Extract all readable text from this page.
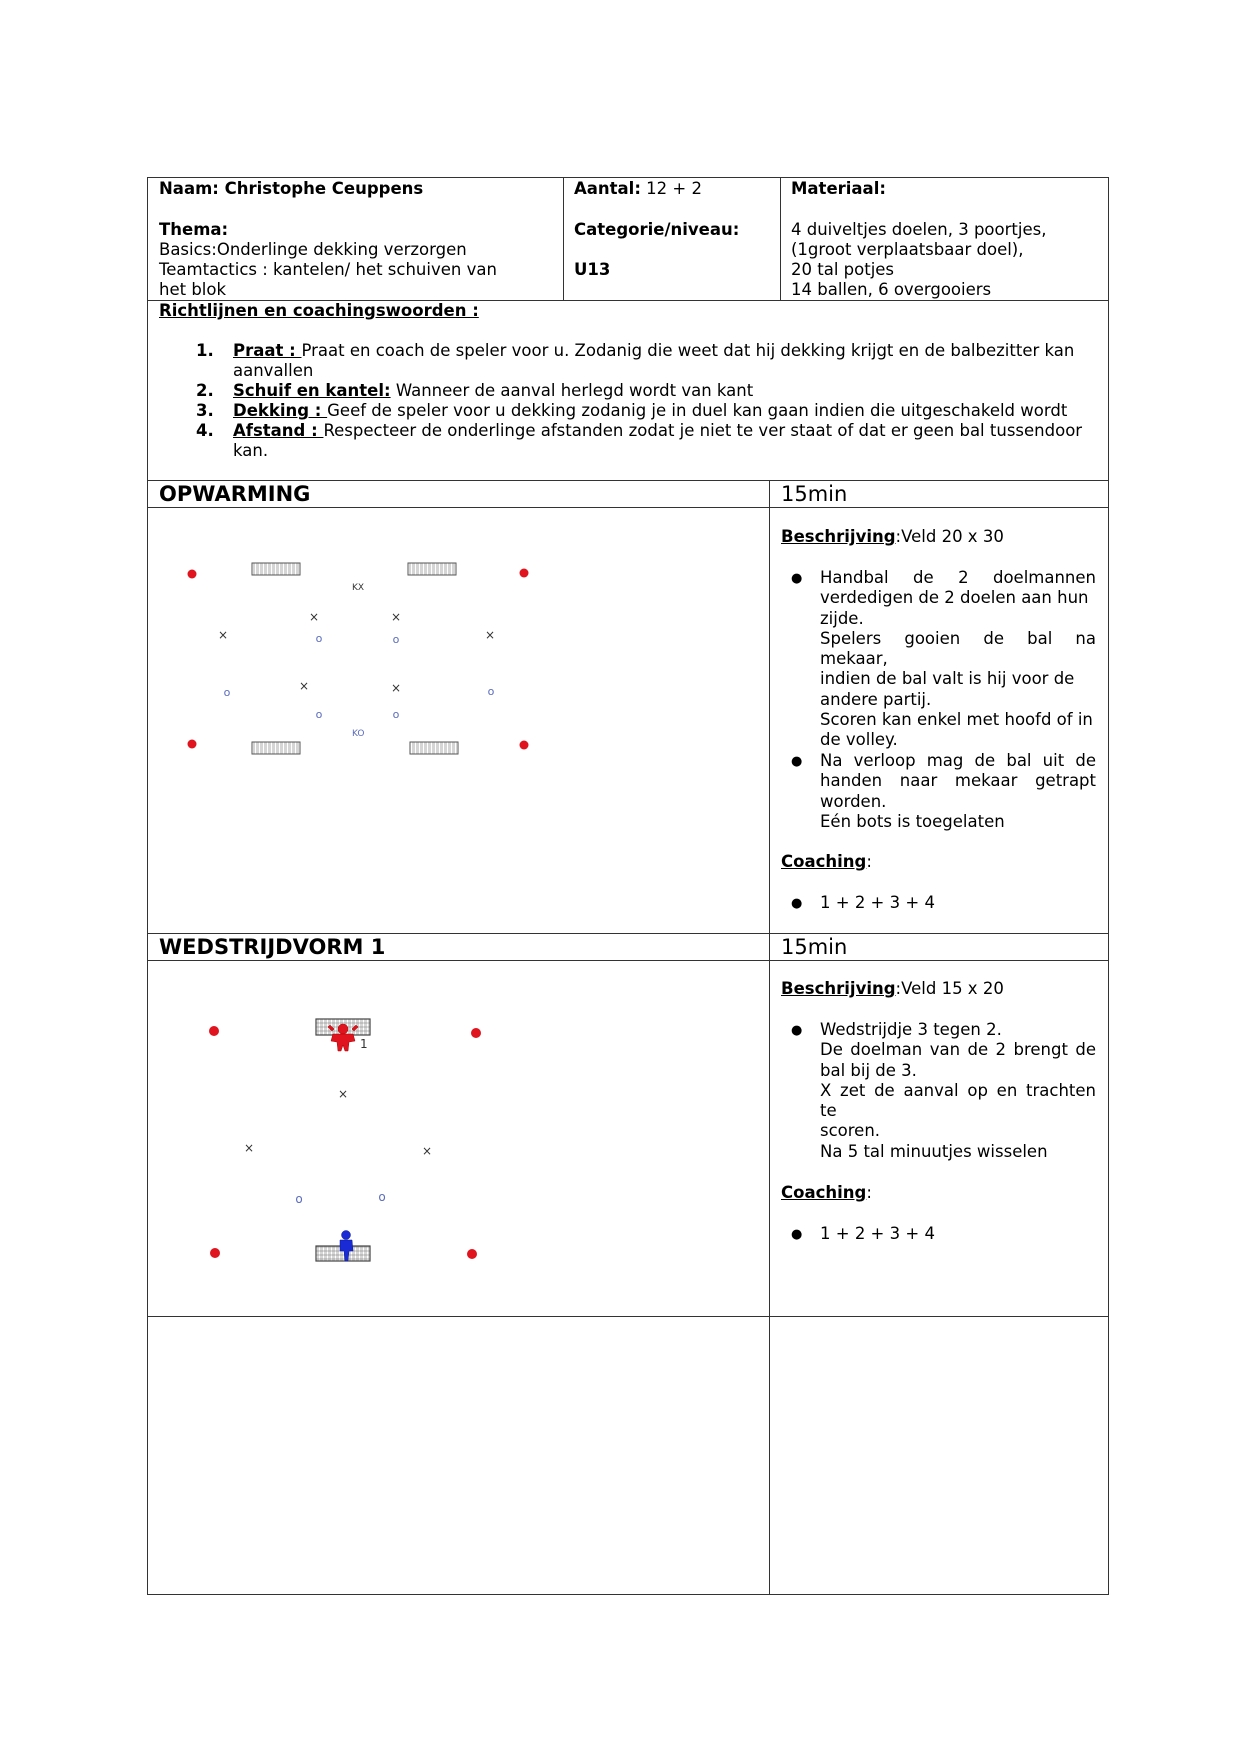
Naam: Christophe Ceuppens
Thema:
Basics:Onderlinge dekking verzorgen
Teamtactics : kantelen/ het schuiven van
het blok
Aantal: 12 + 2
Categorie/niveau:
U13
Materiaal:
4 duiveltjes doelen, 3 poortjes,
(1groot verplaatsbaar doel),
20 tal potjes
14 ballen, 6 overgooiers
Richtlijnen en coachingswoorden :
1. Praat : Praat en coach de speler voor u. Zodanig die weet dat hij dekking krijgt en de balbezitter kan
aanvallen
2. Schuif en kantel: Wanneer de aanval herlegd wordt van kant
3. Dekking : Geef de speler voor u dekking zodanig je in duel kan gaan indien die uitgeschakeld wordt
4. Afstand : Respecteer de onderlinge afstanden zodat je niet te ver staat of dat er geen bal tussendoor
kan.
OPWARMING	15min
Beschrijving:Veld 20 x 30
● Handbal de 2 doelmannen
verdedigen de 2 doelen aan hun
zijde.
Spelers gooien de bal na mekaar,
indien de bal valt is hij voor de
andere partij.
Scoren kan enkel met hoofd of in
de volley.
● Na verloop mag de bal uit de
handen naar mekaar getrapt
worden.
Eén bots is toegelaten
Coaching:
● 1 + 2 + 3 + 4
KX
KO
×	×
×	×
×	×
o	o
o	o
o	o
WEDSTRIJDVORM 1	15min
Beschrijving:Veld 15 x 20
● Wedstrijdje 3 tegen 2.
De doelman van de 2 brengt de
bal bij de 3.
X zet de aanval op en trachten te
scoren.
Na 5 tal minuutjes wisselen
Coaching:
● 1 + 2 + 3 + 4
1
×
×	×
o	o
